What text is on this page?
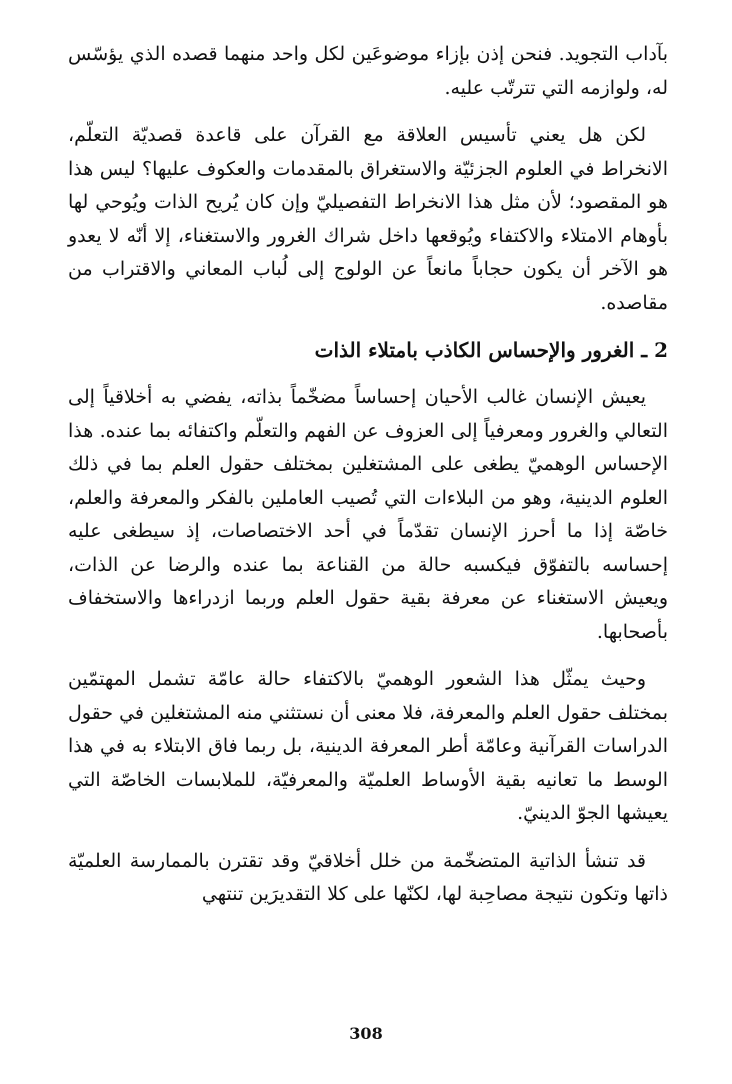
بآداب التجويد. فنحن إذن بإزاء موضوعَين لكل واحد منهما قصده الذي يؤسّس له، ولوازمه التي تترتّب عليه.

لكن هل يعني تأسيس العلاقة مع القرآن على قاعدة قصديّة التعلّم، الانخراط في العلوم الجزئيّة والاستغراق بالمقدمات والعكوف عليها؟ ليس هذا هو المقصود؛ لأن مثل هذا الانخراط التفصيليّ وإن كان يُريح الذات ويُوحي لها بأوهام الامتلاء والاكتفاء ويُوقعها داخل شراك الغرور والاستغناء، إلا أنّه لا يعدو هو الآخر أن يكون حجاباً مانعاً عن الولوج إلى لُباب المعاني والاقتراب من مقاصده.

2 ـ الغرور والإحساس الكاذب بامتلاء الذات

يعيش الإنسان غالب الأحيان إحساساً مضخّماً بذاته، يفضي به أخلاقياً إلى التعالي والغرور ومعرفياً إلى العزوف عن الفهم والتعلّم واكتفائه بما عنده. هذا الإحساس الوهميّ يطغى على المشتغلين بمختلف حقول العلم بما في ذلك العلوم الدينية، وهو من البلاءات التي تُصيب العاملين بالفكر والمعرفة والعلم، خاصّة إذا ما أحرز الإنسان تقدّماً في أحد الاختصاصات، إذ سيطغى عليه إحساسه بالتفوّق فيكسبه حالة من القناعة بما عنده والرضا عن الذات، ويعيش الاستغناء عن معرفة بقية حقول العلم وربما ازدراءها والاستخفاف بأصحابها.

وحيث يمثّل هذا الشعور الوهميّ بالاكتفاء حالة عامّة تشمل المهتمّين بمختلف حقول العلم والمعرفة، فلا معنى أن نستثني منه المشتغلين في حقول الدراسات القرآنية وعامّة أطر المعرفة الدينية، بل ربما فاق الابتلاء به في هذا الوسط ما تعانيه بقية الأوساط العلميّة والمعرفيّة، للملابسات الخاصّة التي يعيشها الجوّ الدينيّ.

قد تنشأ الذاتية المتضخّمة من خلل أخلاقيّ وقد تقترن بالممارسة العلميّة ذاتها وتكون نتيجة مصاحِبة لها، لكنّها على كلا التقديرَين تنتهي

308
